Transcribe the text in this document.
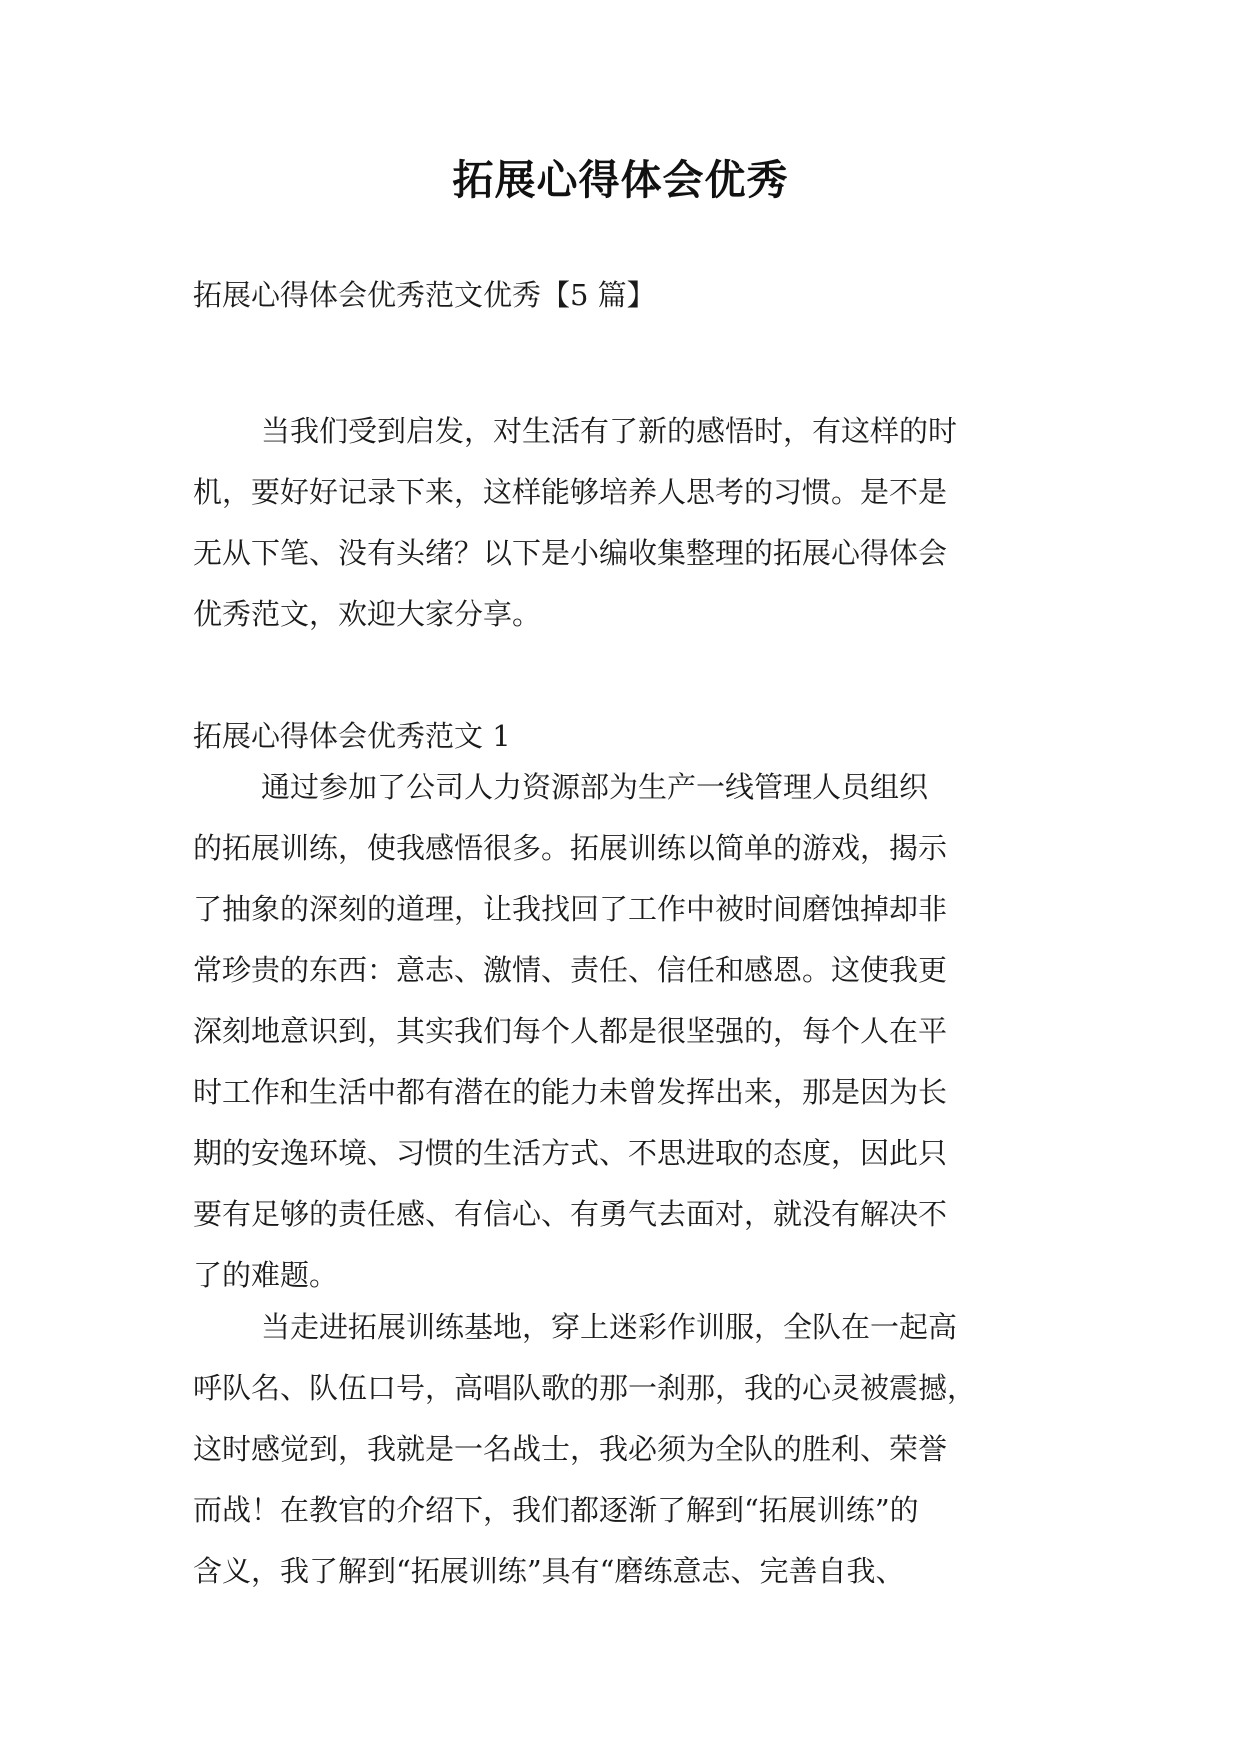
拓展心得体会优秀
拓展心得体会优秀范文优秀【5 篇】
当我们受到启发，对生活有了新的感悟时，有这样的时
机，要好好记录下来，这样能够培养人思考的习惯。是不是
无从下笔、没有头绪？以下是小编收集整理的拓展心得体会
优秀范文，欢迎大家分享。
拓展心得体会优秀范文 1
通过参加了公司人力资源部为生产一线管理人员组织
的拓展训练，使我感悟很多。拓展训练以简单的游戏，揭示
了抽象的深刻的道理，让我找回了工作中被时间磨蚀掉却非
常珍贵的东西：意志、激情、责任、信任和感恩。这使我更
深刻地意识到，其实我们每个人都是很坚强的，每个人在平
时工作和生活中都有潜在的能力未曾发挥出来，那是因为长
期的安逸环境、习惯的生活方式、不思进取的态度，因此只
要有足够的责任感、有信心、有勇气去面对，就没有解决不
了的难题。
当走进拓展训练基地，穿上迷彩作训服，全队在一起高
呼队名、队伍口号，高唱队歌的那一刹那，我的心灵被震撼，
这时感觉到，我就是一名战士，我必须为全队的胜利、荣誉
而战！在教官的介绍下，我们都逐渐了解到“拓展训练”的
含义，我了解到“拓展训练”具有“磨练意志、完善自我、
